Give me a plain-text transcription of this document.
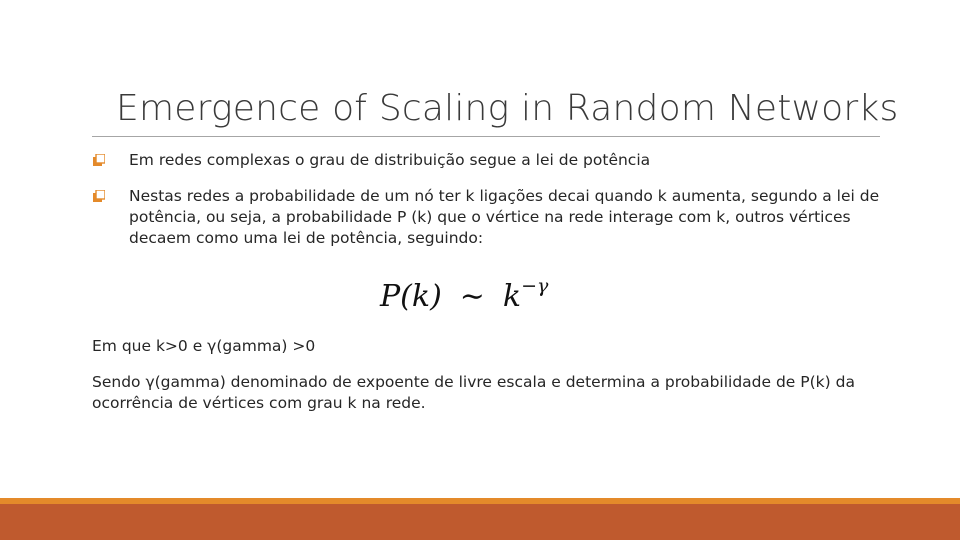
Emergence of Scaling in Random Networks
Em redes complexas o grau de distribuição segue a lei de potência
Nestas redes a probabilidade de um nó ter k ligações decai quando k aumenta, segundo a lei de potência, ou seja, a probabilidade P (k) que o vértice na rede interage com k, outros vértices decaem como uma lei de potência, seguindo:
P(k) ∼ $k^{-\gamma}$
Em que k>0 e γ(gamma) >0
Sendo γ(gamma) denominado de expoente de livre escala e determina a probabilidade de P(k) da ocorrência de vértices com grau k na rede.
